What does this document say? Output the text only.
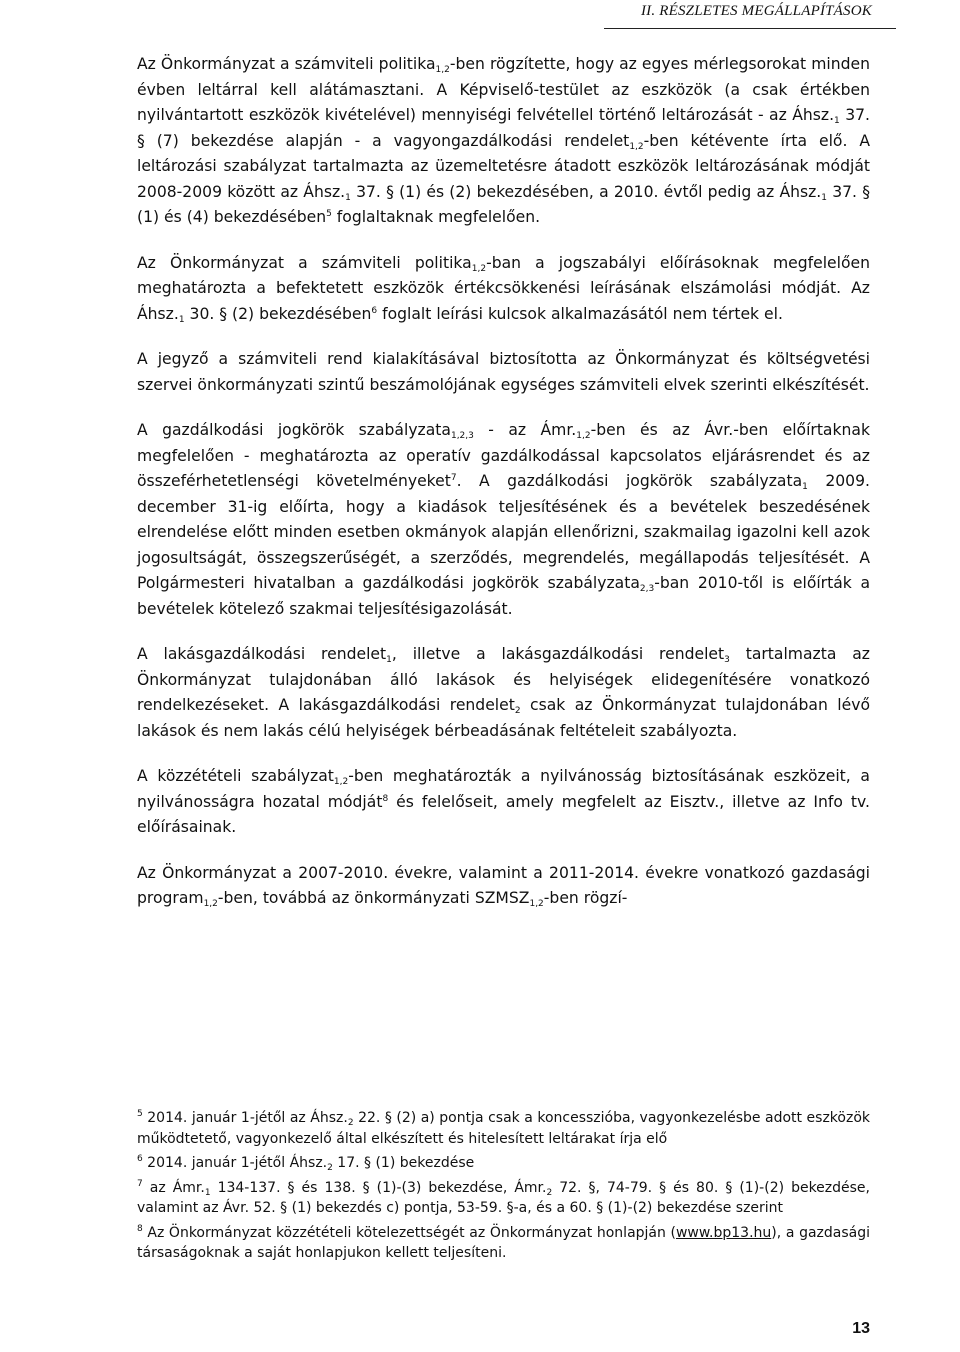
II. RÉSZLETES MEGÁLLAPÍTÁSOK

Az Önkormányzat a számviteli politika$_{1,2}$-ben rögzítette, hogy az egyes mérlegsorokat minden évben leltárral kell alátámasztani. A Képviselő-testület az eszközök (a csak értékben nyilvántartott eszközök kivételével) mennyiségi felvétellel történő leltározását - az $Áhsz._1$ 37. § (7) bekezdése alapján - a vagyongazdálkodási rendelet$_{1,2}$-ben kétévente írta elő. A leltározási szabályzat tartalmazta az üzemeltetésre átadott eszközök leltározásának módját 2008-2009 között az $Áhsz._1$ 37. § (1) és (2) bekezdésében, a 2010. évtől pedig az $Áhsz._1$ 37. § (1) és (4) bekezdésében$^5$ foglaltaknak megfelelően.

Az Önkormányzat a számviteli politika$_{1,2}$-ban a jogszabályi előírásoknak megfelelően meghatározta a befektetett eszközök értékcsökkenési leírásának elszámolási módját. Az $Áhsz._1$ 30. § (2) bekezdésében$^6$ foglalt leírási kulcsok alkalmazásától nem tértek el.

A jegyző a számviteli rend kialakításával biztosította az Önkormányzat és költségvetési szervei önkormányzati szintű beszámolójának egységes számviteli elvek szerinti elkészítését.

A gazdálkodási jogkörök szabályzata$_{1,2,3}$ - az $Ámr._{1,2}$-ben és az Ávr.-ben előírtaknak megfelelően - meghatározta az operatív gazdálkodással kapcsolatos eljárásrendet és az összeférhetetlenségi követelményeket$^7$. A gazdálkodási jogkörök szabályzata$_1$ 2009. december 31-ig előírta, hogy a kiadások teljesítésének és a bevételek beszedésének elrendelése előtt minden esetben okmányok alapján ellenőrizni, szakmailag igazolni kell azok jogosultságát, összegszerűségét, a szerződés, megrendelés, megállapodás teljesítését. A Polgármesteri hivatalban a gazdálkodási jogkörök szabályzata$_{2,3}$-ban 2010-től is előírták a bevételek kötelező szakmai teljesítésigazolását.

A lakásgazdálkodási rendelet$_1$, illetve a lakásgazdálkodási rendelet$_3$ tartalmazta az Önkormányzat tulajdonában álló lakások és helyiségek elidegenítésére vonatkozó rendelkezéseket. A lakásgazdálkodási rendelet$_2$ csak az Önkormányzat tulajdonában lévő lakások és nem lakás célú helyiségek bérbeadásának feltételeit szabályozta.

A közzétételi szabályzat$_{1,2}$-ben meghatározták a nyilvánosság biztosításának eszközeit, a nyilvánosságra hozatal módját$^8$ és felelőseit, amely megfelelt az Eisztv., illetve az Info tv. előírásainak.

Az Önkormányzat a 2007-2010. évekre, valamint a 2011-2014. évekre vonatkozó gazdasági program$_{1,2}$-ben, továbbá az önkormányzati $SZMSZ_{1,2}$-ben rögzí-

$^5$ 2014. január 1-jétől az $Áhsz._2$ 22. § (2) a) pontja csak a koncesszióba, vagyonkezelésbe adott eszközök működtetető, vagyonkezelő által elkészített és hitelesített leltárakat írja elő

$^6$ 2014. január 1-jétől $Áhsz._2$ 17. § (1) bekezdése

$^7$ az $Ámr._1$ 134-137. § és 138. § (1)-(3) bekezdése, $Ámr._2$ 72. §, 74-79. § és 80. § (1)-(2) bekezdése, valamint az Ávr. 52. § (1) bekezdés c) pontja, 53-59. §-a, és a 60. § (1)-(2) bekezdése szerint

$^8$ Az Önkormányzat közzétételi kötelezettségét az Önkormányzat honlapján (www.bp13.hu), a gazdasági társaságoknak a saját honlapjukon kellett teljesíteni.

13
